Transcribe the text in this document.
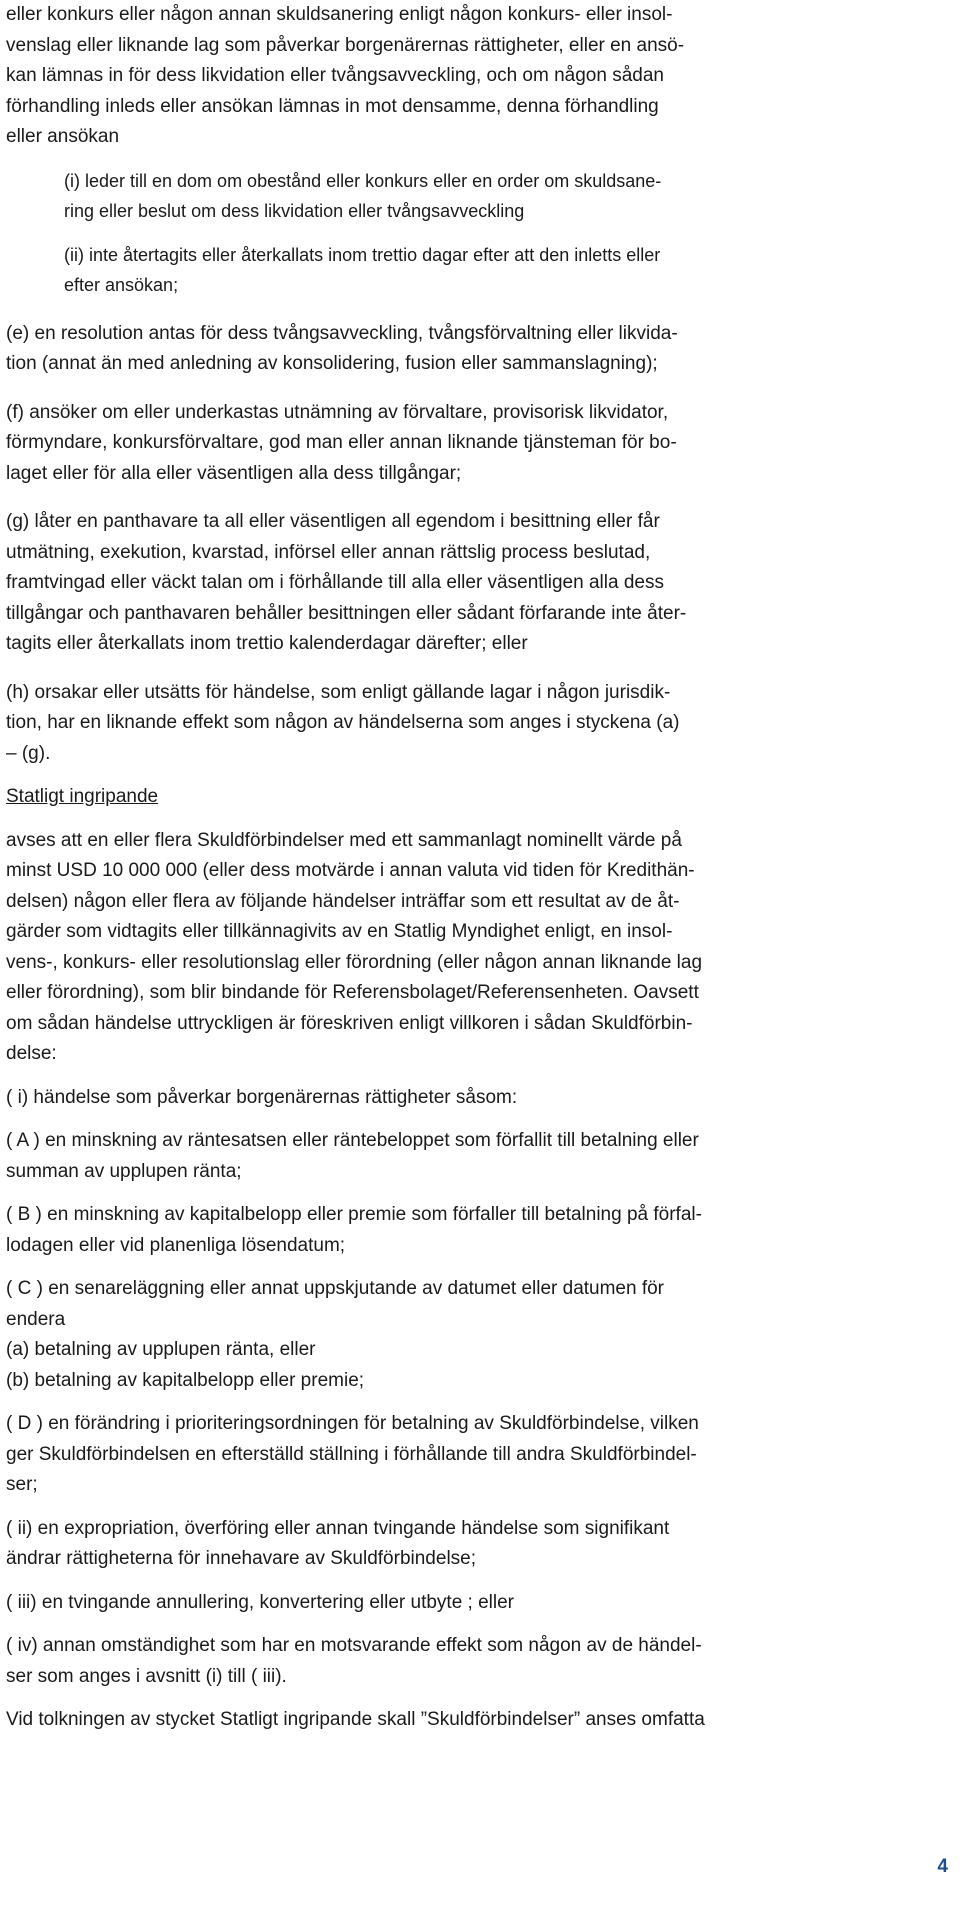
eller konkurs eller någon annan skuldsanering enligt någon konkurs- eller insol-
venslag eller liknande lag som påverkar borgenärernas rättigheter, eller en ansö-
kan lämnas in för dess likvidation eller tvångsavveckling, och om någon sådan
förhandling inleds eller ansökan lämnas in mot densamme, denna förhandling
eller ansökan

(i) leder till en dom om obestånd eller konkurs eller en order om skuldsane-
ring eller beslut om dess likvidation eller tvångsavveckling

(ii) inte återtagits eller återkallats inom trettio dagar efter att den inletts eller
efter ansökan;

(e) en resolution antas för dess tvångsavveckling, tvångsförvaltning eller likvida-
tion (annat än med anledning av konsolidering, fusion eller sammanslagning);

(f) ansöker om eller underkastas utnämning av förvaltare, provisorisk likvidator,
förmyndare, konkursförvaltare, god man eller annan liknande tjänsteman för bo-
laget eller för alla eller väsentligen alla dess tillgångar;

(g) låter en panthavare ta all eller väsentligen all egendom i besittning eller får
utmätning, exekution, kvarstad, införsel eller annan rättslig process beslutad,
framtvingad eller väckt talan om i förhållande till alla eller väsentligen alla dess
tillgångar och panthavaren behåller besittningen eller sådant förfarande inte åter-
tagits eller återkallats inom trettio kalenderdagar därefter; eller

(h) orsakar eller utsätts för händelse, som enligt gällande lagar i någon jurisdik-
tion, har en liknande effekt som någon av händelserna som anges i styckena (a)
– (g).

Statligt ingripande

avses att en eller flera Skuldförbindelser med ett sammanlagt nominellt värde på
minst USD 10 000 000 (eller dess motvärde i annan valuta vid tiden för Kredithän-
delsen) någon eller flera av följande händelser inträffar som ett resultat av de åt-
gärder som vidtagits eller tillkännagivits av en Statlig Myndighet enligt, en insol-
vens-, konkurs- eller resolutionslag eller förordning (eller någon annan liknande lag
eller förordning), som blir bindande för Referensbolaget/Referensenheten. Oavsett
om sådan händelse uttryckligen är föreskriven enligt villkoren i sådan Skuldförbin-
delse:

( i) händelse som påverkar borgenärernas rättigheter såsom:

( A ) en minskning av räntesatsen eller räntebeloppet som förfallit till betalning eller
summan av upplupen ränta;

( B ) en minskning av kapitalbelopp eller premie som förfaller till betalning på förfal-
lodagen eller vid planenliga lösendatum;

( C ) en senareläggning eller annat uppskjutande av datumet eller datumen för
endera
(a) betalning av upplupen ränta, eller
(b) betalning av kapitalbelopp eller premie;

( D ) en förändring i prioriteringsordningen för betalning av Skuldförbindelse, vilken
ger Skuldförbindelsen en efterställd ställning i förhållande till andra Skuldförbindel-
ser;

( ii) en expropriation, överföring eller annan tvingande händelse som signifikant
ändrar rättigheterna för innehavare av Skuldförbindelse;

( iii) en tvingande annullering, konvertering eller utbyte ; eller

( iv) annan omständighet som har en motsvarande effekt som någon av de händel-
ser som anges i avsnitt (i) till ( iii).

Vid tolkningen av stycket Statligt ingripande skall ”Skuldförbindelser” anses omfatta

4
